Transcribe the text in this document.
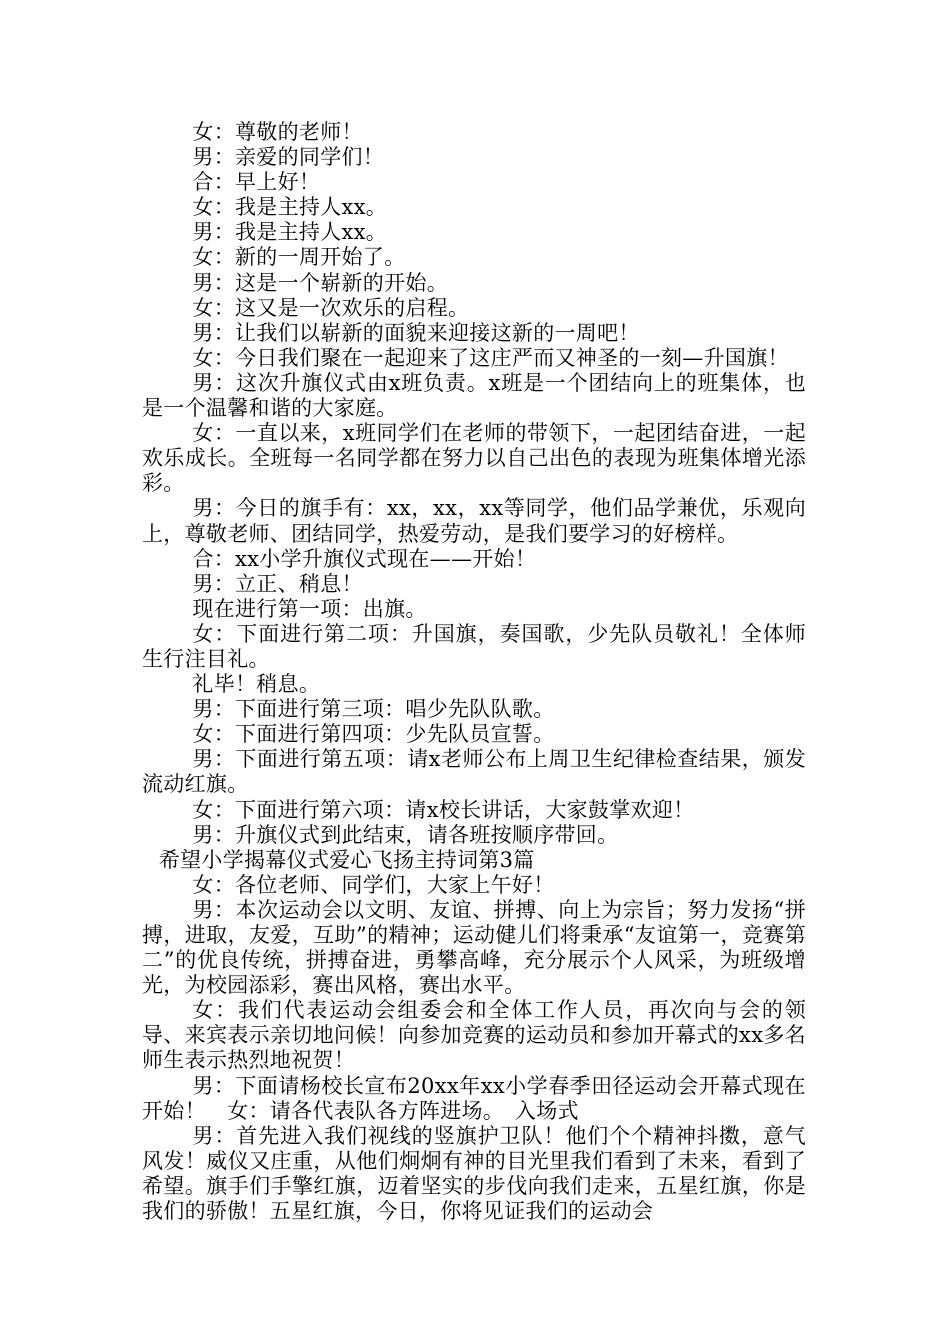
女：尊敬的老师！

男：亲爱的同学们！

合：早上好！

女：我是主持人xx。

男：我是主持人xx。

女：新的一周开始了。

男：这是一个崭新的开始。

女：这又是一次欢乐的启程。

男：让我们以崭新的面貌来迎接这新的一周吧！

女：今日我们聚在一起迎来了这庄严而又神圣的一刻—升国旗！

男：这次升旗仪式由x班负责。x班是一个团结向上的班集体，也是一个温馨和谐的大家庭。

女：一直以来，x班同学们在老师的带领下，一起团结奋进，一起欢乐成长。全班每一名同学都在努力以自己出色的表现为班集体增光添彩。

男：今日的旗手有：xx，xx，xx等同学，他们品学兼优，乐观向上，尊敬老师、团结同学，热爱劳动，是我们要学习的好榜样。

合：xx小学升旗仪式现在——开始！

男：立正、稍息！

现在进行第一项：出旗。

女：下面进行第二项：升国旗，奏国歌，少先队员敬礼！全体师生行注目礼。

礼毕！稍息。

男：下面进行第三项：唱少先队队歌。

女：下面进行第四项：少先队员宣誓。

男：下面进行第五项：请x老师公布上周卫生纪律检查结果，颁发流动红旗。

女：下面进行第六项：请x校长讲话，大家鼓掌欢迎！

男：升旗仪式到此结束，请各班按顺序带回。

希望小学揭幕仪式爱心飞扬主持词第3篇

女：各位老师、同学们，大家上午好！

男：本次运动会以文明、友谊、拼搏、向上为宗旨；努力发扬“拼搏，进取，友爱，互助”的精神；运动健儿们将秉承“友谊第一，竞赛第二”的优良传统，拼搏奋进，勇攀高峰，充分展示个人风采，为班级增光，为校园添彩，赛出风格，赛出水平。

女：我们代表运动会组委会和全体工作人员，再次向与会的领导、来宾表示亲切地问候！向参加竞赛的运动员和参加开幕式的xx多名师生表示热烈地祝贺！

男：下面请杨校长宣布20xx年xx小学春季田径运动会开幕式现在开始！　女：请各代表队各方阵进场。　入场式

男：首先进入我们视线的竖旗护卫队！他们个个精神抖擞，意气风发！威仪又庄重，从他们炯炯有神的目光里我们看到了未来，看到了希望。旗手们手擎红旗，迈着坚实的步伐向我们走来，五星红旗，你是我们的骄傲！五星红旗，今日，你将见证我们的运动会
